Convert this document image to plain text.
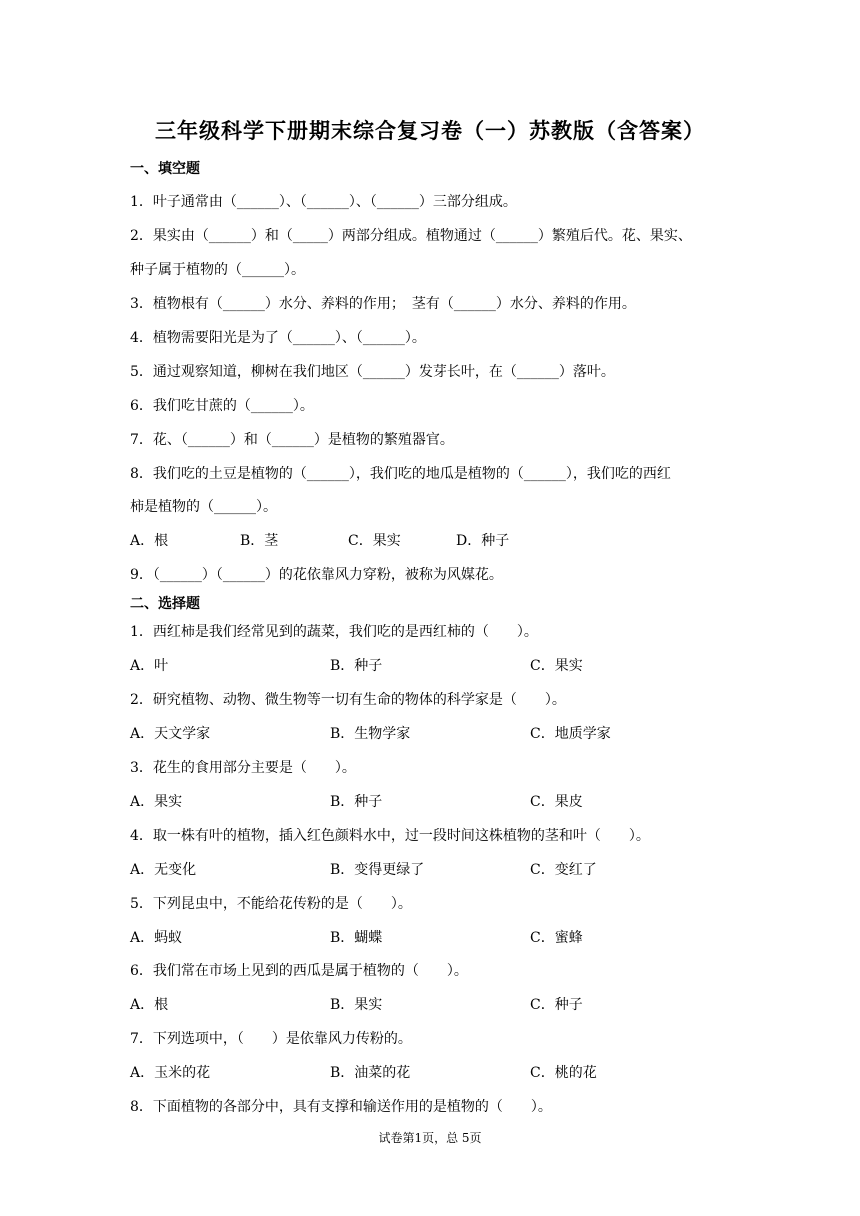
三年级科学下册期末综合复习卷（一）苏教版（含答案）
一、填空题
1．叶子通常由（______）、（______）、（______）三部分组成。
2．果实由（______）和（_____）两部分组成。植物通过（______）繁殖后代。花、果实、
种子属于植物的（______）。
3．植物根有（______）水分、养料的作用；　茎有（______）水分、养料的作用。
4．植物需要阳光是为了（______）、（______）。
5．通过观察知道，柳树在我们地区（______）发芽长叶，在（______）落叶。
6．我们吃甘蔗的（______）。
7．花、（______）和（______）是植物的繁殖器官。
8．我们吃的土豆是植物的（______），我们吃的地瓜是植物的（______），我们吃的西红
柿是植物的（______）。
A．根	B．茎	C．果实	D．种子
9．（______）（______）的花依靠风力穿粉，被称为风媒花。
二、选择题
1．西红柿是我们经常见到的蔬菜，我们吃的是西红柿的（　　）。
A．叶	B．种子	C．果实
2．研究植物、动物、微生物等一切有生命的物体的科学家是（　　）。
A．天文学家	B．生物学家	C．地质学家
3．花生的食用部分主要是（　　）。
A．果实	B．种子	C．果皮
4．取一株有叶的植物，插入红色颜料水中，过一段时间这株植物的茎和叶（　　）。
A．无变化	B．变得更绿了	C．变红了
5．下列昆虫中，不能给花传粉的是（　　）。
A．蚂蚁	B．蝴蝶	C．蜜蜂
6．我们常在市场上见到的西瓜是属于植物的（　　）。
A．根	B．果实	C．种子
7．下列选项中，（　　）是依靠风力传粉的。
A．玉米的花	B．油菜的花	C．桃的花
8．下面植物的各部分中，具有支撑和输送作用的是植物的（　　）。
试卷第1页，总 5页
